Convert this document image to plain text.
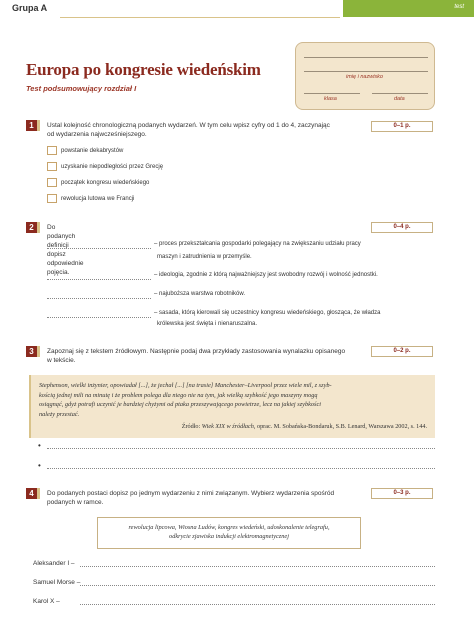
Grupa A	test
Europa po kongresie wiedeńskim
Test podsumowujący rozdział I
imię i nazwisko
klasa	data
1	Ustal kolejność chronologiczną podanych wydarzeń. W tym celu wpisz cyfry od 1 do 4, zaczynając
od wydarzenia najwcześniejszego.
0–1 p.
powstanie dekabrystów
uzyskanie niepodległości przez Grecję
początek kongresu wiedeńskiego
rewolucja lutowa we Francji
2	Do podanych definicji dopisz odpowiednie pojęcia.
0–4 p.
– proces przekształcania gospodarki polegający na zwiększaniu udziału pracy
maszyn i zatrudnienia w przemyśle.
– ideologia, zgodnie z którą najważniejszy jest swobodny rozwój i wolność jednostki.
– najuboższa warstwa robotników.
– sasada, którą kierowali się uczestnicy kongresu wiedeńskiego, głosząca, że władza
królewska jest święta i nienaruszalna.
3	Zapoznaj się z tekstem źródłowym. Następnie podaj dwa przykłady zastosowania wynalazku opisanego
w tekście.
0–2 p.
Stephenson, wielki inżynier, opowiadał [...], że jechał [...] [na trasie] Manchester–Liverpool przez wiele mil, z szyb-
kością jednej mili na minutę i że problem polega dla niego nie na tym, jak wielką szybkość jego maszyny mogą
osiągnąć, gdyż potrafi uczynić je bardziej chyżymi od ptaka przeszywającego powietrze, lecz na jakiej szybkości
należy przestać.
Źródło: Wiek XIX w źródłach, oprac. M. Sobańska-Bondaruk, S.B. Lenard, Warszawa 2002, s. 144.
•
•
4	Do podanych postaci dopisz po jednym wydarzeniu z nimi związanym. Wybierz wydarzenia spośród
podanych w ramce.
0–3 p.
rewolucja lipcowa, Wiosna Ludów, kongres wiedeński, udoskonalenie telegrafu,
odkrycie zjawiska indukcji elektromagnetycznej
Aleksander I –
Samuel Morse –
Karol X –
